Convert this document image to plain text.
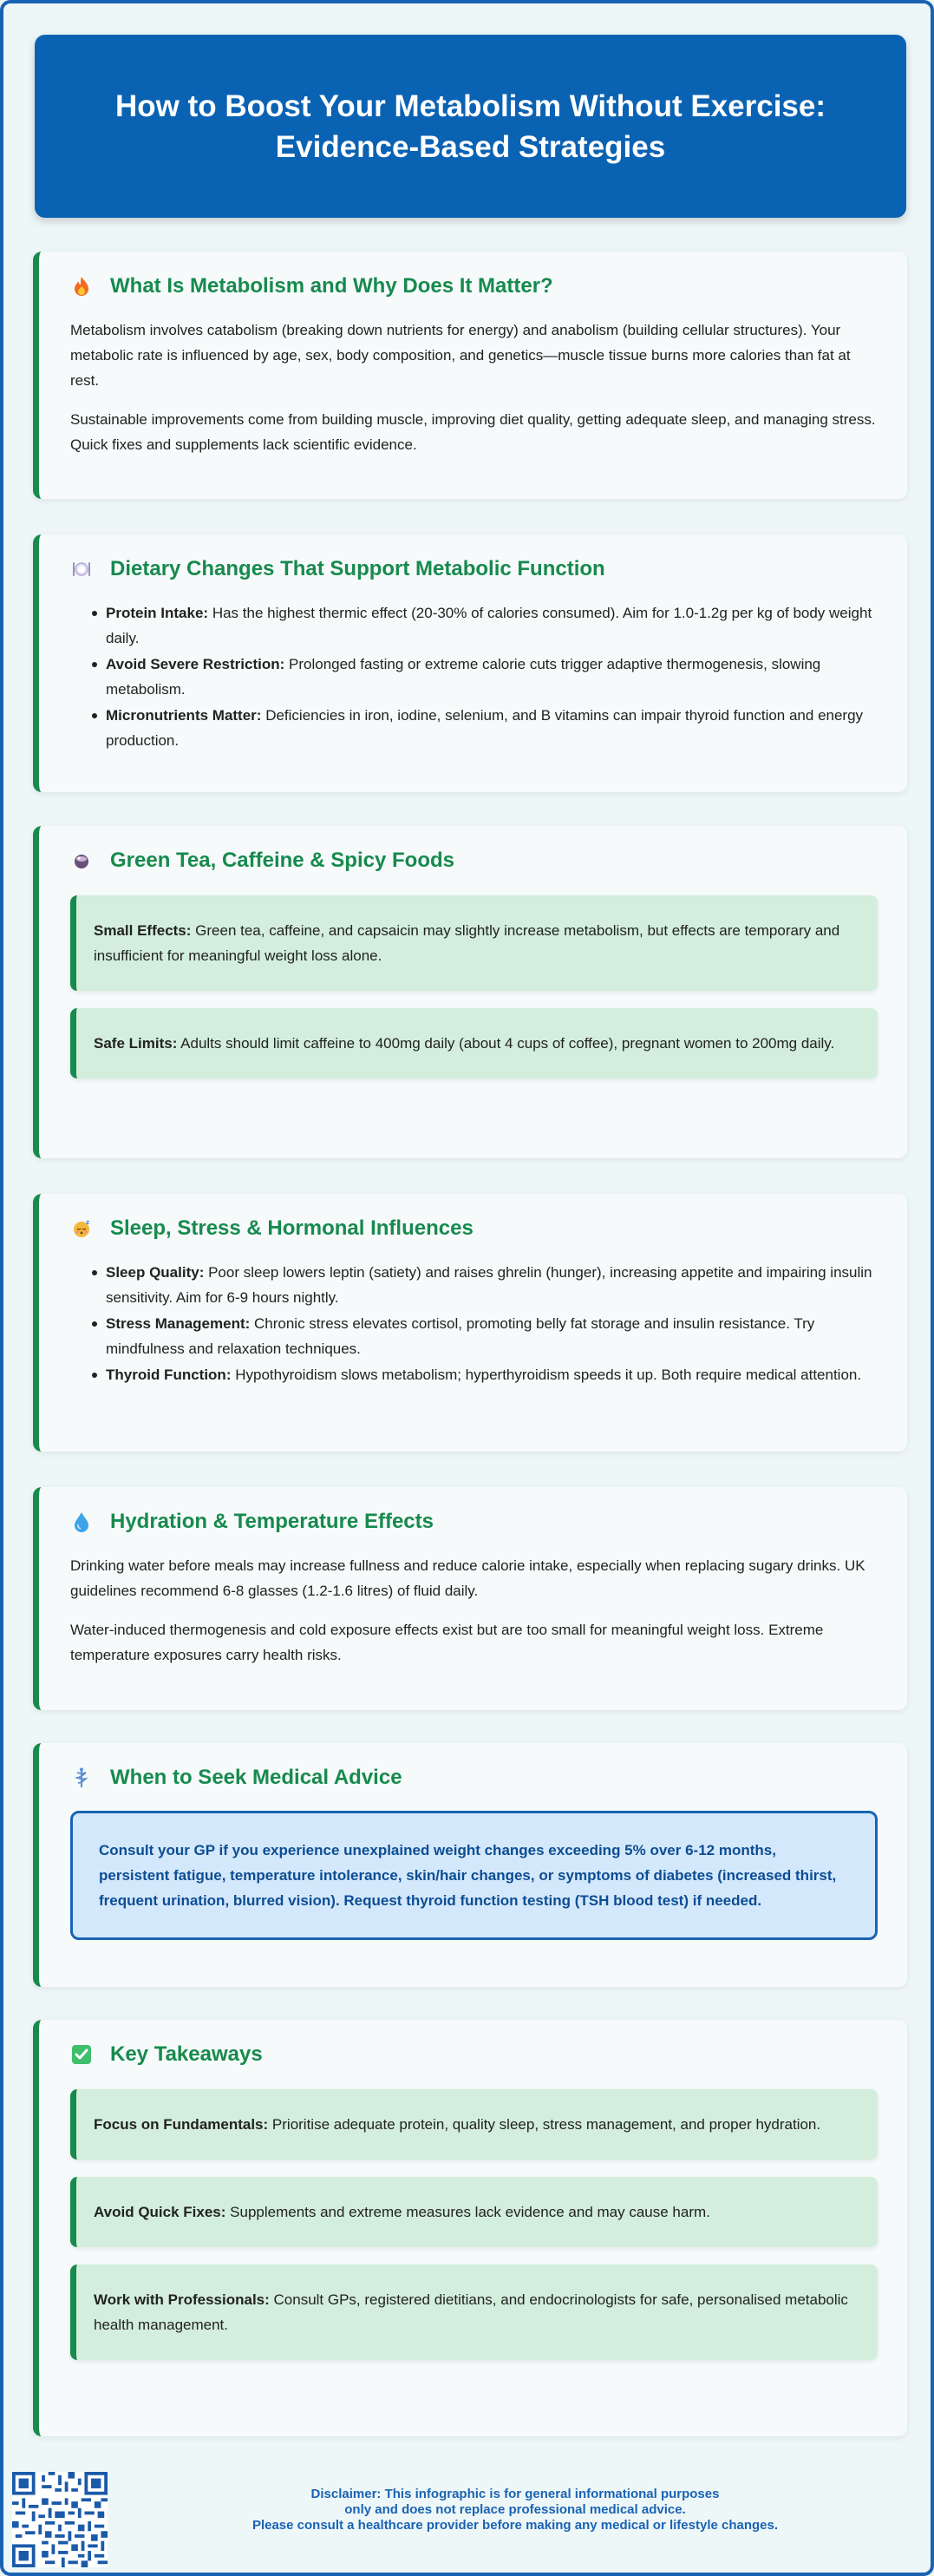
How to Boost Your Metabolism Without Exercise:
Evidence-Based Strategies
What Is Metabolism and Why Does It Matter?

Metabolism involves catabolism (breaking down nutrients for energy) and anabolism (building cellular structures). Your metabolic rate is influenced by age, sex, body composition, and genetics—muscle tissue burns more calories than fat at rest.

Sustainable improvements come from building muscle, improving diet quality, getting adequate sleep, and managing stress. Quick fixes and supplements lack scientific evidence.

Dietary Changes That Support Metabolic Function
Protein Intake: Has the highest thermic effect (20-30% of calories consumed). Aim for 1.0-1.2g per kg of body weight daily.
Avoid Severe Restriction: Prolonged fasting or extreme calorie cuts trigger adaptive thermogenesis, slowing metabolism.
Micronutrients Matter: Deficiencies in iron, iodine, selenium, and B vitamins can impair thyroid function and energy production.
Green Tea, Caffeine & Spicy Foods
Small Effects: Green tea, caffeine, and capsaicin may slightly increase metabolism, but effects are temporary and insufficient for meaningful weight loss alone.
Safe Limits: Adults should limit caffeine to 400mg daily (about 4 cups of coffee), pregnant women to 200mg daily.
z Sleep, Stress & Hormonal Influences
Sleep Quality: Poor sleep lowers leptin (satiety) and raises ghrelin (hunger), increasing appetite and impairing insulin sensitivity. Aim for 6-9 hours nightly.
Stress Management: Chronic stress elevates cortisol, promoting belly fat storage and insulin resistance. Try mindfulness and relaxation techniques.
Thyroid Function: Hypothyroidism slows metabolism; hyperthyroidism speeds it up. Both require medical attention.
Hydration & Temperature Effects

Drinking water before meals may increase fullness and reduce calorie intake, especially when replacing sugary drinks. UK guidelines recommend 6-8 glasses (1.2-1.6 litres) of fluid daily.

Water-induced thermogenesis and cold exposure effects exist but are too small for meaningful weight loss. Extreme temperature exposures carry health risks.

When to Seek Medical Advice
Consult your GP if you experience unexplained weight changes exceeding 5% over 6-12 months, persistent fatigue, temperature intolerance, skin/hair changes, or symptoms of diabetes (increased thirst, frequent urination, blurred vision). Request thyroid function testing (TSH blood test) if needed.
Key Takeaways
Focus on Fundamentals: Prioritise adequate protein, quality sleep, stress management, and proper hydration.
Avoid Quick Fixes: Supplements and extreme measures lack evidence and may cause harm.
Work with Professionals: Consult GPs, registered dietitians, and endocrinologists for safe, personalised metabolic health management.
Disclaimer: This infographic is for general informational purposes
only and does not replace professional medical advice.
Please consult a healthcare provider before making any medical or lifestyle changes.
